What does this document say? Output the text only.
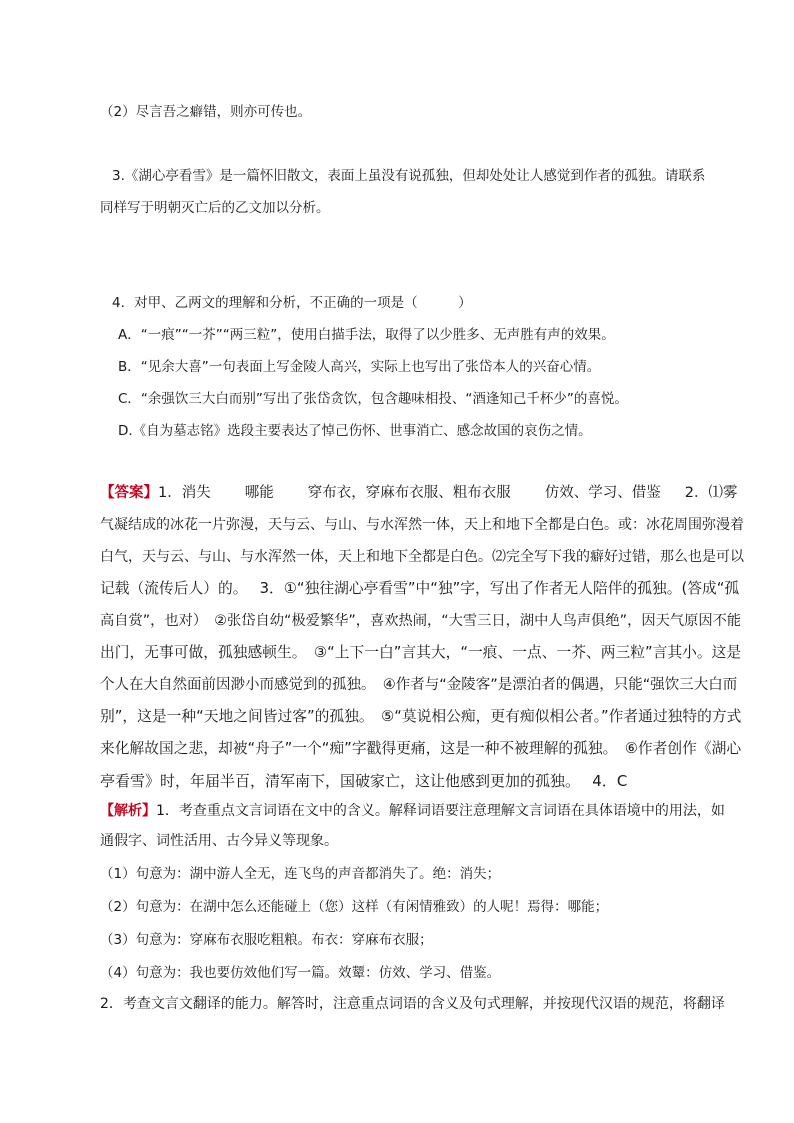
（2）尽言吾之癖错，则亦可传也。
3.《湖心亭看雪》是一篇怀旧散文，表面上虽没有说孤独，但却处处让人感觉到作者的孤独。请联系
同样写于明朝灭亡后的乙文加以分析。
4．对甲、乙两文的理解和分析，不正确的一项是（　　　）
A．“一痕”“一芥”“两三粒”，使用白描手法，取得了以少胜多、无声胜有声的效果。
B．“见余大喜”一句表面上写金陵人高兴，实际上也写出了张岱本人的兴奋心情。
C．“余强饮三大白而别”写出了张岱贪饮，包含趣味相投、“酒逢知己千杯少”的喜悦。
D.《自为墓志铭》选段主要表达了悼己伤怀、世事消亡、感念故国的哀伤之情。
【答案】1．消失 哪能 穿布衣，穿麻布衣服、粗布衣服 仿效、学习、借鉴 2．⑴雾
气凝结成的冰花一片弥漫，天与云、与山、与水浑然一体，天上和地下全都是白色。或：冰花周围弥漫着
白气，天与云、与山、与水浑然一体，天上和地下全都是白色。⑵完全写下我的癖好过错，那么也是可以
记载（流传后人）的。　 3．①“独往湖心亭看雪”中“独”字，写出了作者无人陪伴的孤独。(答成“孤
高自赏”，也对）　②张岱自幼“极爱繁华”，喜欢热闹，“大雪三日，湖中人鸟声俱绝”，因天气原因不能
出门，无事可做，孤独感顿生。　③“上下一白”言其大，“一痕、一点、一芥、两三粒”言其小。这是
个人在大自然面前因渺小而感觉到的孤独。　④作者与“金陵客”是漂泊者的偶遇，只能“强饮三大白而
别”，这是一种“天地之间皆过客”的孤独。　⑤“莫说相公痴，更有痴似相公者。”作者通过独特的方式
来化解故国之悲，却被“舟子”一个“痴”字戳得更痛，这是一种不被理解的孤独。　⑥作者创作《湖心
亭看雪》时，年届半百，清军南下，国破家亡，这让他感到更加的孤独。　 4．C
【解析】1．考查重点文言词语在文中的含义。解释词语要注意理解文言词语在具体语境中的用法，如
通假字、词性活用、古今异义等现象。
（1）句意为：湖中游人全无，连飞鸟的声音都消失了。绝：消失；
（2）句意为：在湖中怎么还能碰上（您）这样（有闲情雅致）的人呢！焉得：哪能；
（3）句意为：穿麻布衣服吃粗粮。布衣：穿麻布衣服；
（4）句意为：我也要仿效他们写一篇。效颦：仿效、学习、借鉴。
2．考查文言文翻译的能力。解答时，注意重点词语的含义及句式理解，并按现代汉语的规范，将翻译
